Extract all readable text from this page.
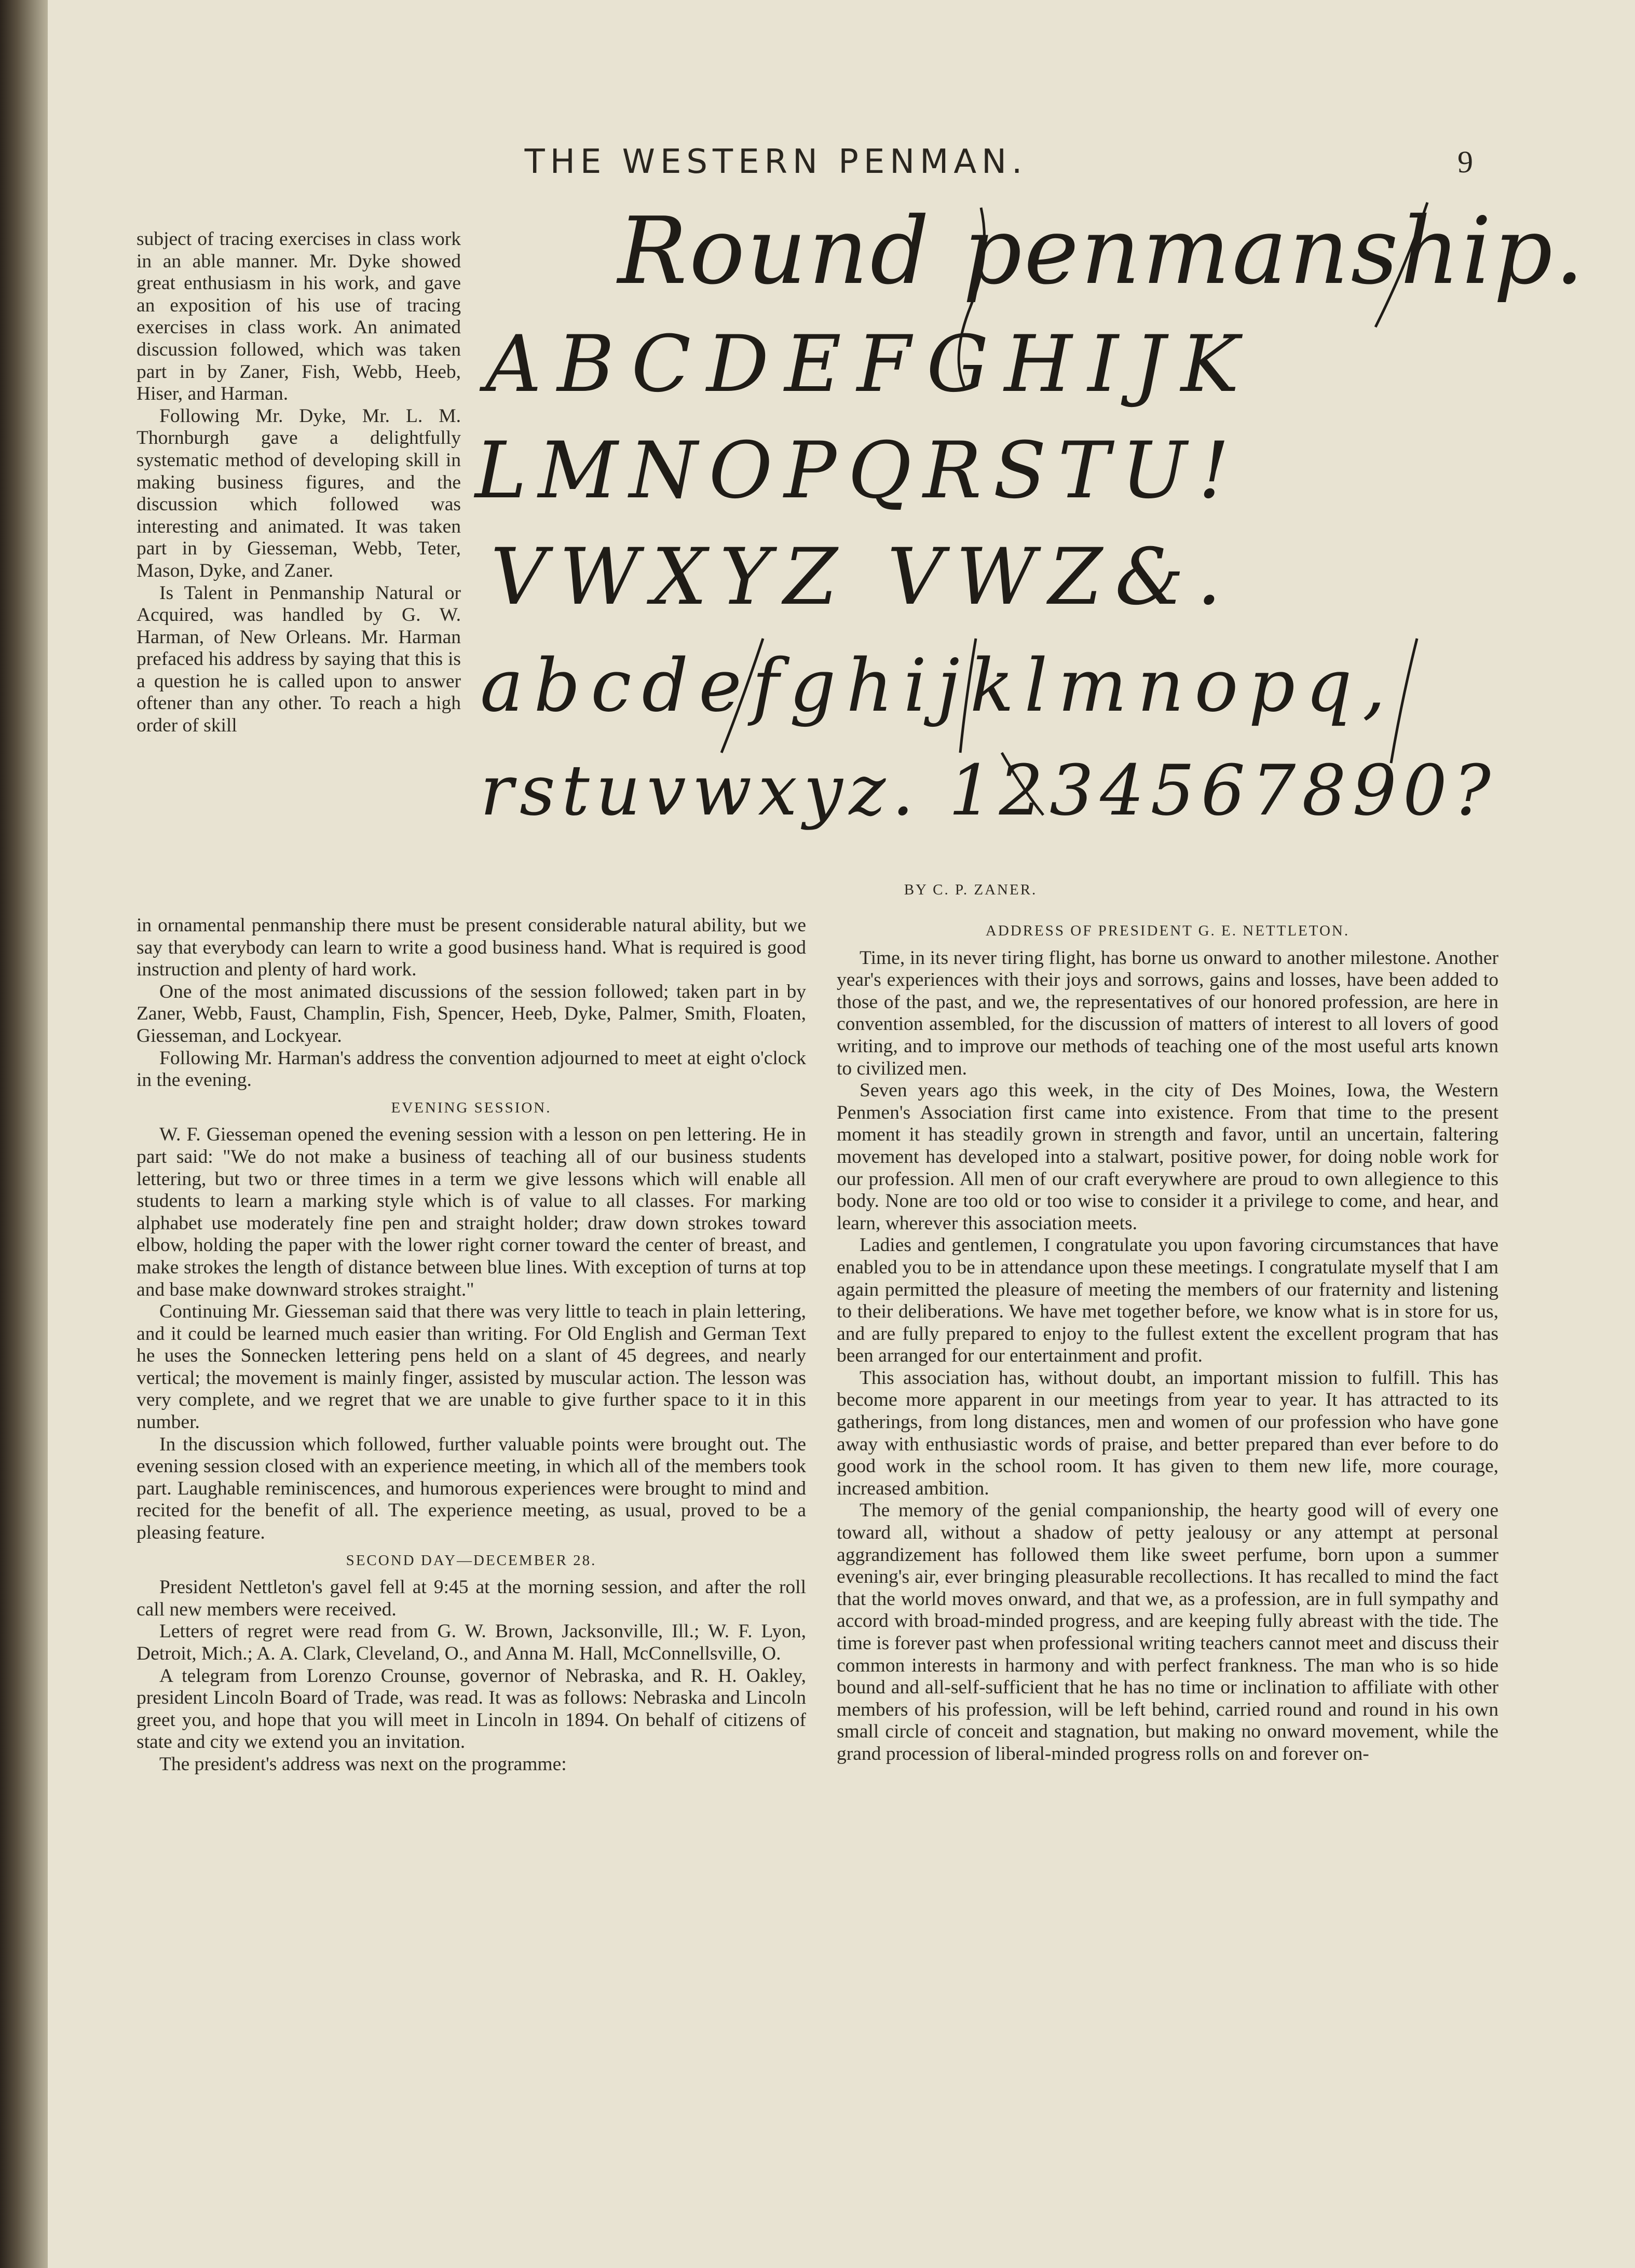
THE WESTERN PENMAN.	9
Round penmanship.
ABCDEFGHIJK
LMNOPQRSTU!
VWXYZ VWZ&.
abcdefghijklmnopq,
rstuvwxyz. 1234567890?
BY C. P. ZANER.

subject of tracing exercises in class work in an able manner. Mr. Dyke showed great enthusiasm in his work, and gave an exposition of his use of tracing exercises in class work. An animated discussion followed, which was taken part in by Zaner, Fish, Webb, Heeb, Hiser, and Harman.

Following Mr. Dyke, Mr. L. M. Thornburgh gave a delightfully systematic method of developing skill in making business figures, and the discussion which followed was interesting and animated. It was taken part in by Giesseman, Webb, Teter, Mason, Dyke, and Zaner.

Is Talent in Penmanship Natural or Acquired, was handled by G. W. Harman, of New Orleans. Mr. Harman prefaced his address by saying that this is a question he is called upon to answer oftener than any other. To reach a high order of skill

in ornamental penmanship there must be present considerable natural ability, but we say that everybody can learn to write a good business hand. What is required is good instruction and plenty of hard work.

One of the most animated discussions of the session followed; taken part in by Zaner, Webb, Faust, Champlin, Fish, Spencer, Heeb, Dyke, Palmer, Smith, Floaten, Giesseman, and Lockyear.

Following Mr. Harman's address the convention adjourned to meet at eight o'clock in the evening.

EVENING SESSION.

W. F. Giesseman opened the evening session with a lesson on pen lettering. He in part said: "We do not make a business of teaching all of our business students lettering, but two or three times in a term we give lessons which will enable all students to learn a marking style which is of value to all classes. For marking alphabet use moderately fine pen and straight holder; draw down strokes toward elbow, holding the paper with the lower right corner toward the center of breast, and make strokes the length of distance between blue lines. With exception of turns at top and base make downward strokes straight."

Continuing Mr. Giesseman said that there was very little to teach in plain lettering, and it could be learned much easier than writing. For Old English and German Text he uses the Sonnecken lettering pens held on a slant of 45 degrees, and nearly vertical; the movement is mainly finger, assisted by muscular action. The lesson was very complete, and we regret that we are unable to give further space to it in this number.

In the discussion which followed, further valuable points were brought out. The evening session closed with an experience meeting, in which all of the members took part. Laughable reminiscences, and humorous experiences were brought to mind and recited for the benefit of all. The experience meeting, as usual, proved to be a pleasing feature.

SECOND DAY—DECEMBER 28.

President Nettleton's gavel fell at 9:45 at the morning session, and after the roll call new members were received.

Letters of regret were read from G. W. Brown, Jacksonville, Ill.; W. F. Lyon, Detroit, Mich.; A. A. Clark, Cleveland, O., and Anna M. Hall, McConnellsville, O.

A telegram from Lorenzo Crounse, governor of Nebraska, and R. H. Oakley, president Lincoln Board of Trade, was read. It was as follows: Nebraska and Lincoln greet you, and hope that you will meet in Lincoln in 1894. On behalf of citizens of state and city we extend you an invitation.

The president's address was next on the programme:

ADDRESS OF PRESIDENT G. E. NETTLETON.

Time, in its never tiring flight, has borne us onward to another milestone. Another year's experiences with their joys and sorrows, gains and losses, have been added to those of the past, and we, the representatives of our honored profession, are here in convention assembled, for the discussion of matters of interest to all lovers of good writing, and to improve our methods of teaching one of the most useful arts known to civilized men.

Seven years ago this week, in the city of Des Moines, Iowa, the Western Penmen's Association first came into existence. From that time to the present moment it has steadily grown in strength and favor, until an uncertain, faltering movement has developed into a stalwart, positive power, for doing noble work for our profession. All men of our craft everywhere are proud to own allegience to this body. None are too old or too wise to consider it a privilege to come, and hear, and learn, wherever this association meets.

Ladies and gentlemen, I congratulate you upon favoring circumstances that have enabled you to be in attendance upon these meetings. I congratulate myself that I am again permitted the pleasure of meeting the members of our fraternity and listening to their deliberations. We have met together before, we know what is in store for us, and are fully prepared to enjoy to the fullest extent the excellent program that has been arranged for our entertainment and profit.

This association has, without doubt, an important mission to fulfill. This has become more apparent in our meetings from year to year. It has attracted to its gatherings, from long distances, men and women of our profession who have gone away with enthusiastic words of praise, and better prepared than ever before to do good work in the school room. It has given to them new life, more courage, increased ambition.

The memory of the genial companionship, the hearty good will of every one toward all, without a shadow of petty jealousy or any attempt at personal aggrandizement has followed them like sweet perfume, born upon a summer evening's air, ever bringing pleasurable recollections. It has recalled to mind the fact that the world moves onward, and that we, as a profession, are in full sympathy and accord with broad-minded progress, and are keeping fully abreast with the tide. The time is forever past when professional writing teachers cannot meet and discuss their common interests in harmony and with perfect frankness. The man who is so hide bound and all-self-sufficient that he has no time or inclination to affiliate with other members of his profession, will be left behind, carried round and round in his own small circle of conceit and stagnation, but making no onward movement, while the grand procession of liberal-minded progress rolls on and forever on-
